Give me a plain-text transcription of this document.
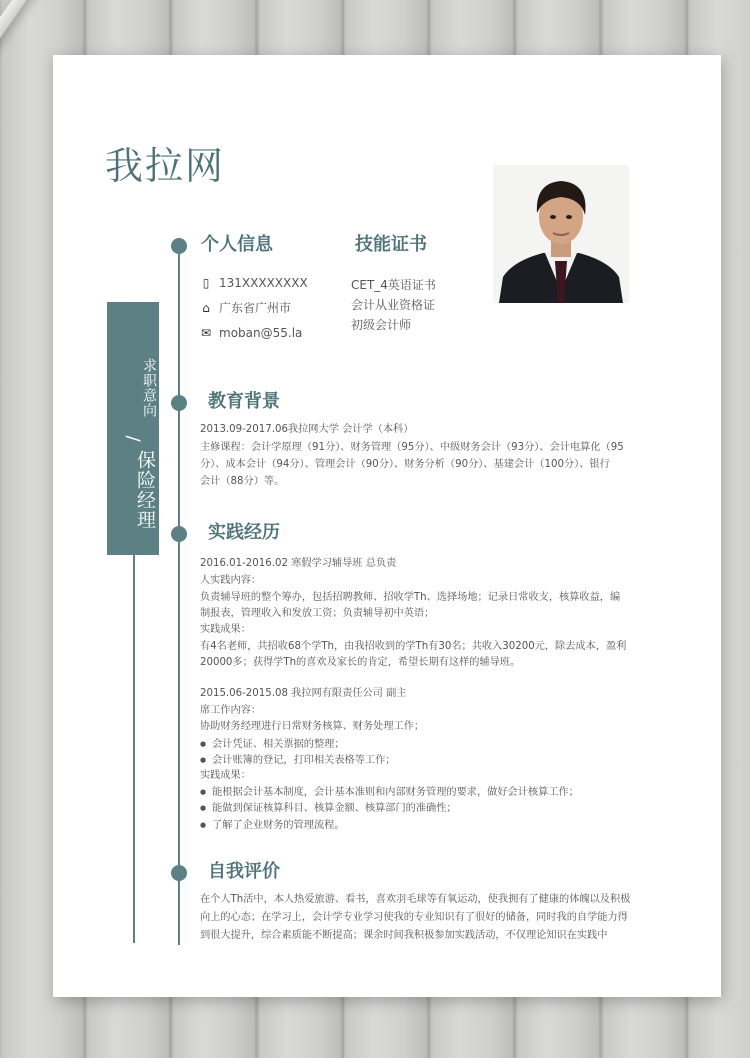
我拉网
求职意向
/
保险经理
个人信息
▯ 131XXXXXXXX
⌂ 广东省广州市
✉ moban@55.la
技能证书
CET_4英语证书
会计从业资格证
初级会计师
教育背景
2013.09-2017.06我拉网大学 会计学（本科）
主修课程：会计学原理（91分）、财务管理（95分）、中级财务会计（93分）、会计电算化（95
分）、成本会计（94分）、管理会计（90分）、财务分析（90分）、基建会计（100分）、银行
会计（88分）等。
实践经历
2016.01-2016.02 寒假学习辅导班 总负责
人实践内容：
负责辅导班的整个筹办，包括招聘教师、招收学Th、选择场地；记录日常收支，核算收益，编
制报表，管理收入和发放工资；负责辅导初中英语；
实践成果：
有4名老师，共招收68个学Th，由我招收到的学Th有30名；共收入30200元，除去成本，盈利
20000多；获得学Th的喜欢及家长的肯定，希望长期有这样的辅导班。
2015.06-2015.08 我拉网有限责任公司 副主
席工作内容：
协助财务经理进行日常财务核算、财务处理工作；
● 会计凭证、相关票据的整理；
● 会计账簿的登记，打印相关表格等工作；
实践成果：
● 能根据会计基本制度，会计基本准则和内部财务管理的要求，做好会计核算工作；
● 能做到保证核算科目、核算金额、核算部门的准确性；
● 了解了企业财务的管理流程。
自我评价
在个人Th活中，本人热爱旅游、看书，喜欢羽毛球等有氧运动，使我拥有了健康的体魄以及积极
向上的心态；在学习上，会计学专业学习使我的专业知识有了很好的储备，同时我的自学能力得
到很大提升，综合素质能不断提高；课余时间我积极参加实践活动，不仅理论知识在实践中
